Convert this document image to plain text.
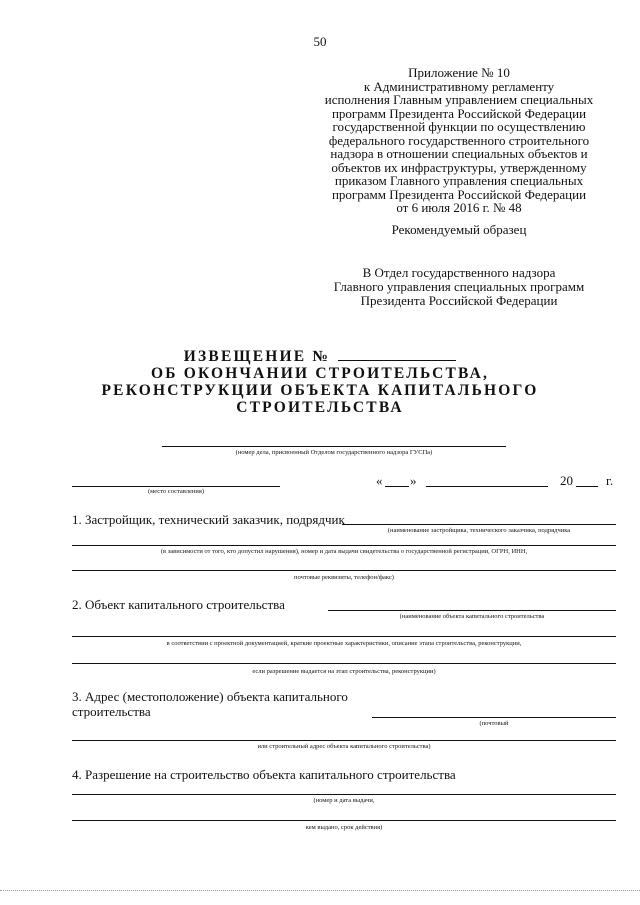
50
Приложение № 10
к Административному регламенту
исполнения Главным управлением специальных
программ Президента Российской Федерации
государственной функции по осуществлению
федерального государственного строительного
надзора в отношении специальных объектов и
объектов их инфраструктуры, утвержденному
приказом Главного управления специальных
программ Президента Российской Федерации
от 6 июля 2016 г. № 48
Рекомендуемый образец
В Отдел государственного надзора
Главного управления специальных программ
Президента Российской Федерации
ИЗВЕЩЕНИЕ №
ОБ ОКОНЧАНИИ СТРОИТЕЛЬСТВА,
РЕКОНСТРУКЦИИ ОБЪЕКТА КАПИТАЛЬНОГО
СТРОИТЕЛЬСТВА
(номер дела, присвоенный Отделом государственного надзора ГУСПа)
(место составления)
« »	20	г.
1. Застройщик, технический заказчик, подрядчик
(наименование застройщика, технического заказчика, подрядчика
(в зависимости от того, кто допустил нарушения), номер и дата выдачи свидетельства о государственной регистрации, ОГРН, ИНН,
почтовые реквизиты, телефон/факс)
2. Объект капитального строительства
(наименование объекта капитального строительства
в соответствии с проектной документацией, краткие проектные характеристики, описание этапа строительства, реконструкции,
если разрешение выдается на этап строительства, реконструкции)
3. Адрес (местоположение) объекта капитального
строительства
(почтовый
или строительный адрес объекта капитального строительства)
4. Разрешение на строительство объекта капитального строительства
(номер и дата выдачи,
кем выдано, срок действия)
